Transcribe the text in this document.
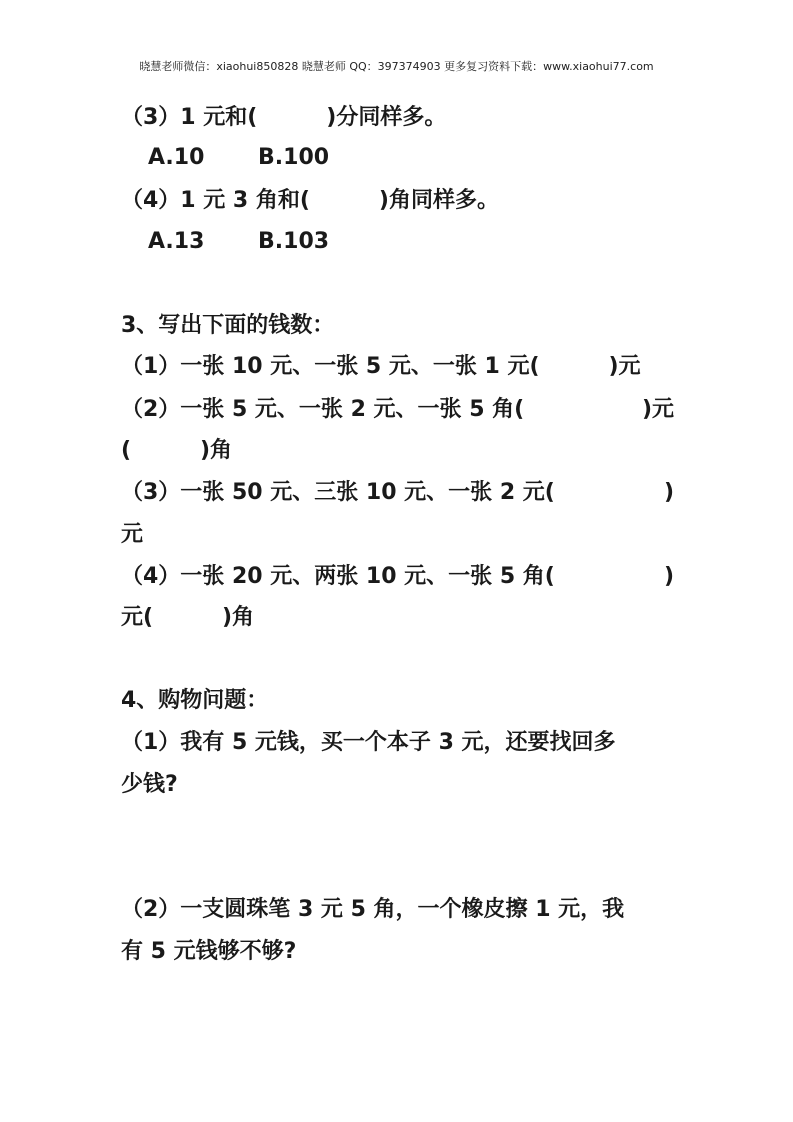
晓慧老师微信：xiaohui850828 晓慧老师 QQ：397374903 更多复习资料下载：www.xiaohui77.com
（3）1 元和(         )分同样多。
A.10       B.100
（4）1 元 3 角和(         )角同样多。
A.13       B.103
3、写出下面的钱数：
（1）一张 10 元、一张 5 元、一张 1 元(         )元
（2）一张 5 元、一张 2 元、一张 5 角(	)元
(         )角
（3）一张 50 元、三张 10 元、一张 2 元(	)
元
（4）一张 20 元、两张 10 元、一张 5 角(	)
元(         )角
4、购物问题：
（1）我有 5 元钱，买一个本子 3 元，还要找回多
少钱?
（2）一支圆珠笔 3 元 5 角，一个橡皮擦 1 元，我
有 5 元钱够不够?
